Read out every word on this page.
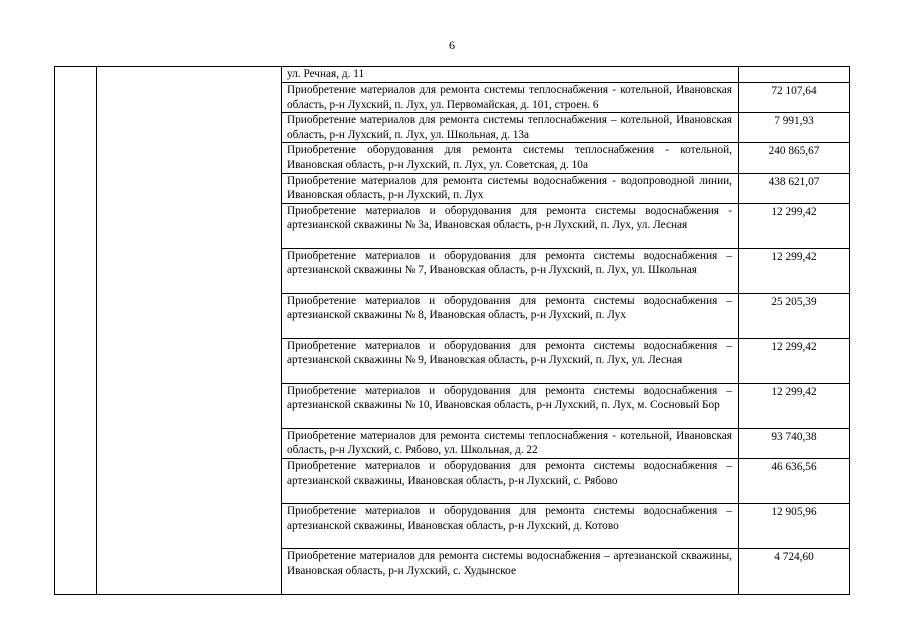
6
		ул. Речная, д. 11	

		Приобретение материалов для ремонта системы теплоснабжения - котельной, Ивановская область, р-н Лухский, п. Лух, ул. Первомайская, д. 101, строен. 6	72 107,64

		Приобретение материалов для ремонта системы теплоснабжения – котельной, Ивановская область, р-н Лухский, п. Лух, ул. Школьная, д. 13а	7 991,93

		Приобретение оборудования для ремонта системы теплоснабжения - котельной, Ивановская область, р-н Лухский, п. Лух, ул. Советская, д. 10а	240 865,67

		Приобретение материалов для ремонта системы водоснабжения - водопроводной линии, Ивановская область, р-н Лухский, п. Лух	438 621,07

		Приобретение материалов и оборудования для ремонта системы водоснабжения - артезианской скважины № 3а, Ивановская область, р-н Лухский, п. Лух, ул. Лесная	12 299,42

		Приобретение материалов и оборудования для ремонта системы водоснабжения – артезианской скважины № 7, Ивановская область, р-н Лухский, п. Лух, ул. Школьная	12 299,42

		Приобретение материалов и оборудования для ремонта системы водоснабжения – артезианской скважины № 8, Ивановская область, р-н Лухский, п. Лух	25 205,39

		Приобретение материалов и оборудования для ремонта системы водоснабжения – артезианской скважины № 9, Ивановская область, р-н Лухский, п. Лух, ул. Лесная	12 299,42

		Приобретение материалов и оборудования для ремонта системы водоснабжения – артезианской скважины № 10, Ивановская область, р-н Лухский, п. Лух, м. Сосновый Бор	12 299,42

		Приобретение материалов для ремонта системы теплоснабжения - котельной, Ивановская область, р-н Лухский, с. Рябово, ул. Школьная, д. 22	93 740,38

		Приобретение материалов и оборудования для ремонта системы водоснабжения – артезианской скважины, Ивановская область, р-н Лухский, с. Рябово	46 636,56

		Приобретение материалов и оборудования для ремонта системы водоснабжения – артезианской скважины, Ивановская область, р-н Лухский, д. Котово	12 905,96

		Приобретение материалов для ремонта системы водоснабжения – артезианской скважины, Ивановская область, р-н Лухский, с. Худынское	4 724,60
